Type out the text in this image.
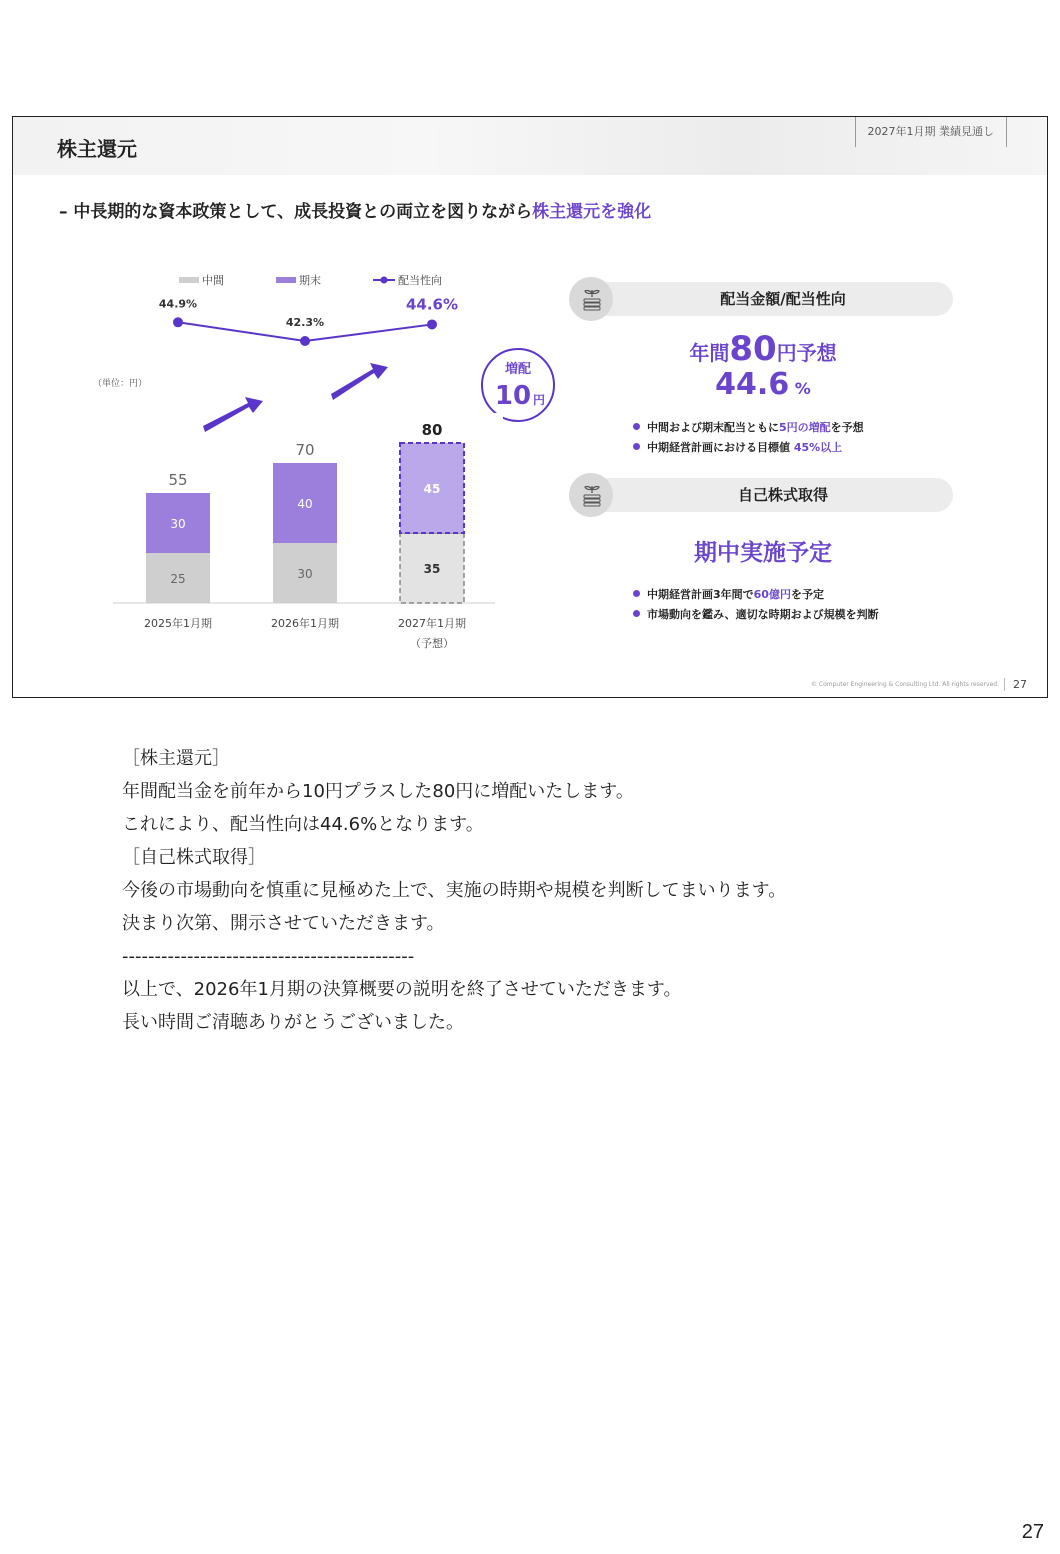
株主還元
2027年1月期 業績見通し
– 中長期的な資本政策として、成長投資との両立を図りながら株主還元を強化
中間	期末	配当性向
（単位：円）
25
30
55
2025年1月期
30
40
70
2026年1月期
35
45
80
2027年1月期
（予想）
44.9%
42.3%
44.6%
増配
10 円
配当金額/配当性向
年間80円予想
44.6 %
中間および期末配当ともに5円の増配を予想
中期経営計画における目標値 45%以上
自己株式取得
期中実施予定
中期経営計画3年間で60億円を予定
市場動向を鑑み、適切な時期および規模を判断
© Computer Engineering & Consulting Ltd. All rights reserved.	27
［株主還元］
年間配当金を前年から10円プラスした80円に増配いたします。
これにより、配当性向は44.6%となります。
［自己株式取得］
今後の市場動向を慎重に見極めた上で、実施の時期や規模を判断してまいります。
決まり次第、開示させていただきます。
---------------------------------------------
以上で、2026年1月期の決算概要の説明を終了させていただきます。
長い時間ご清聴ありがとうございました。
27
